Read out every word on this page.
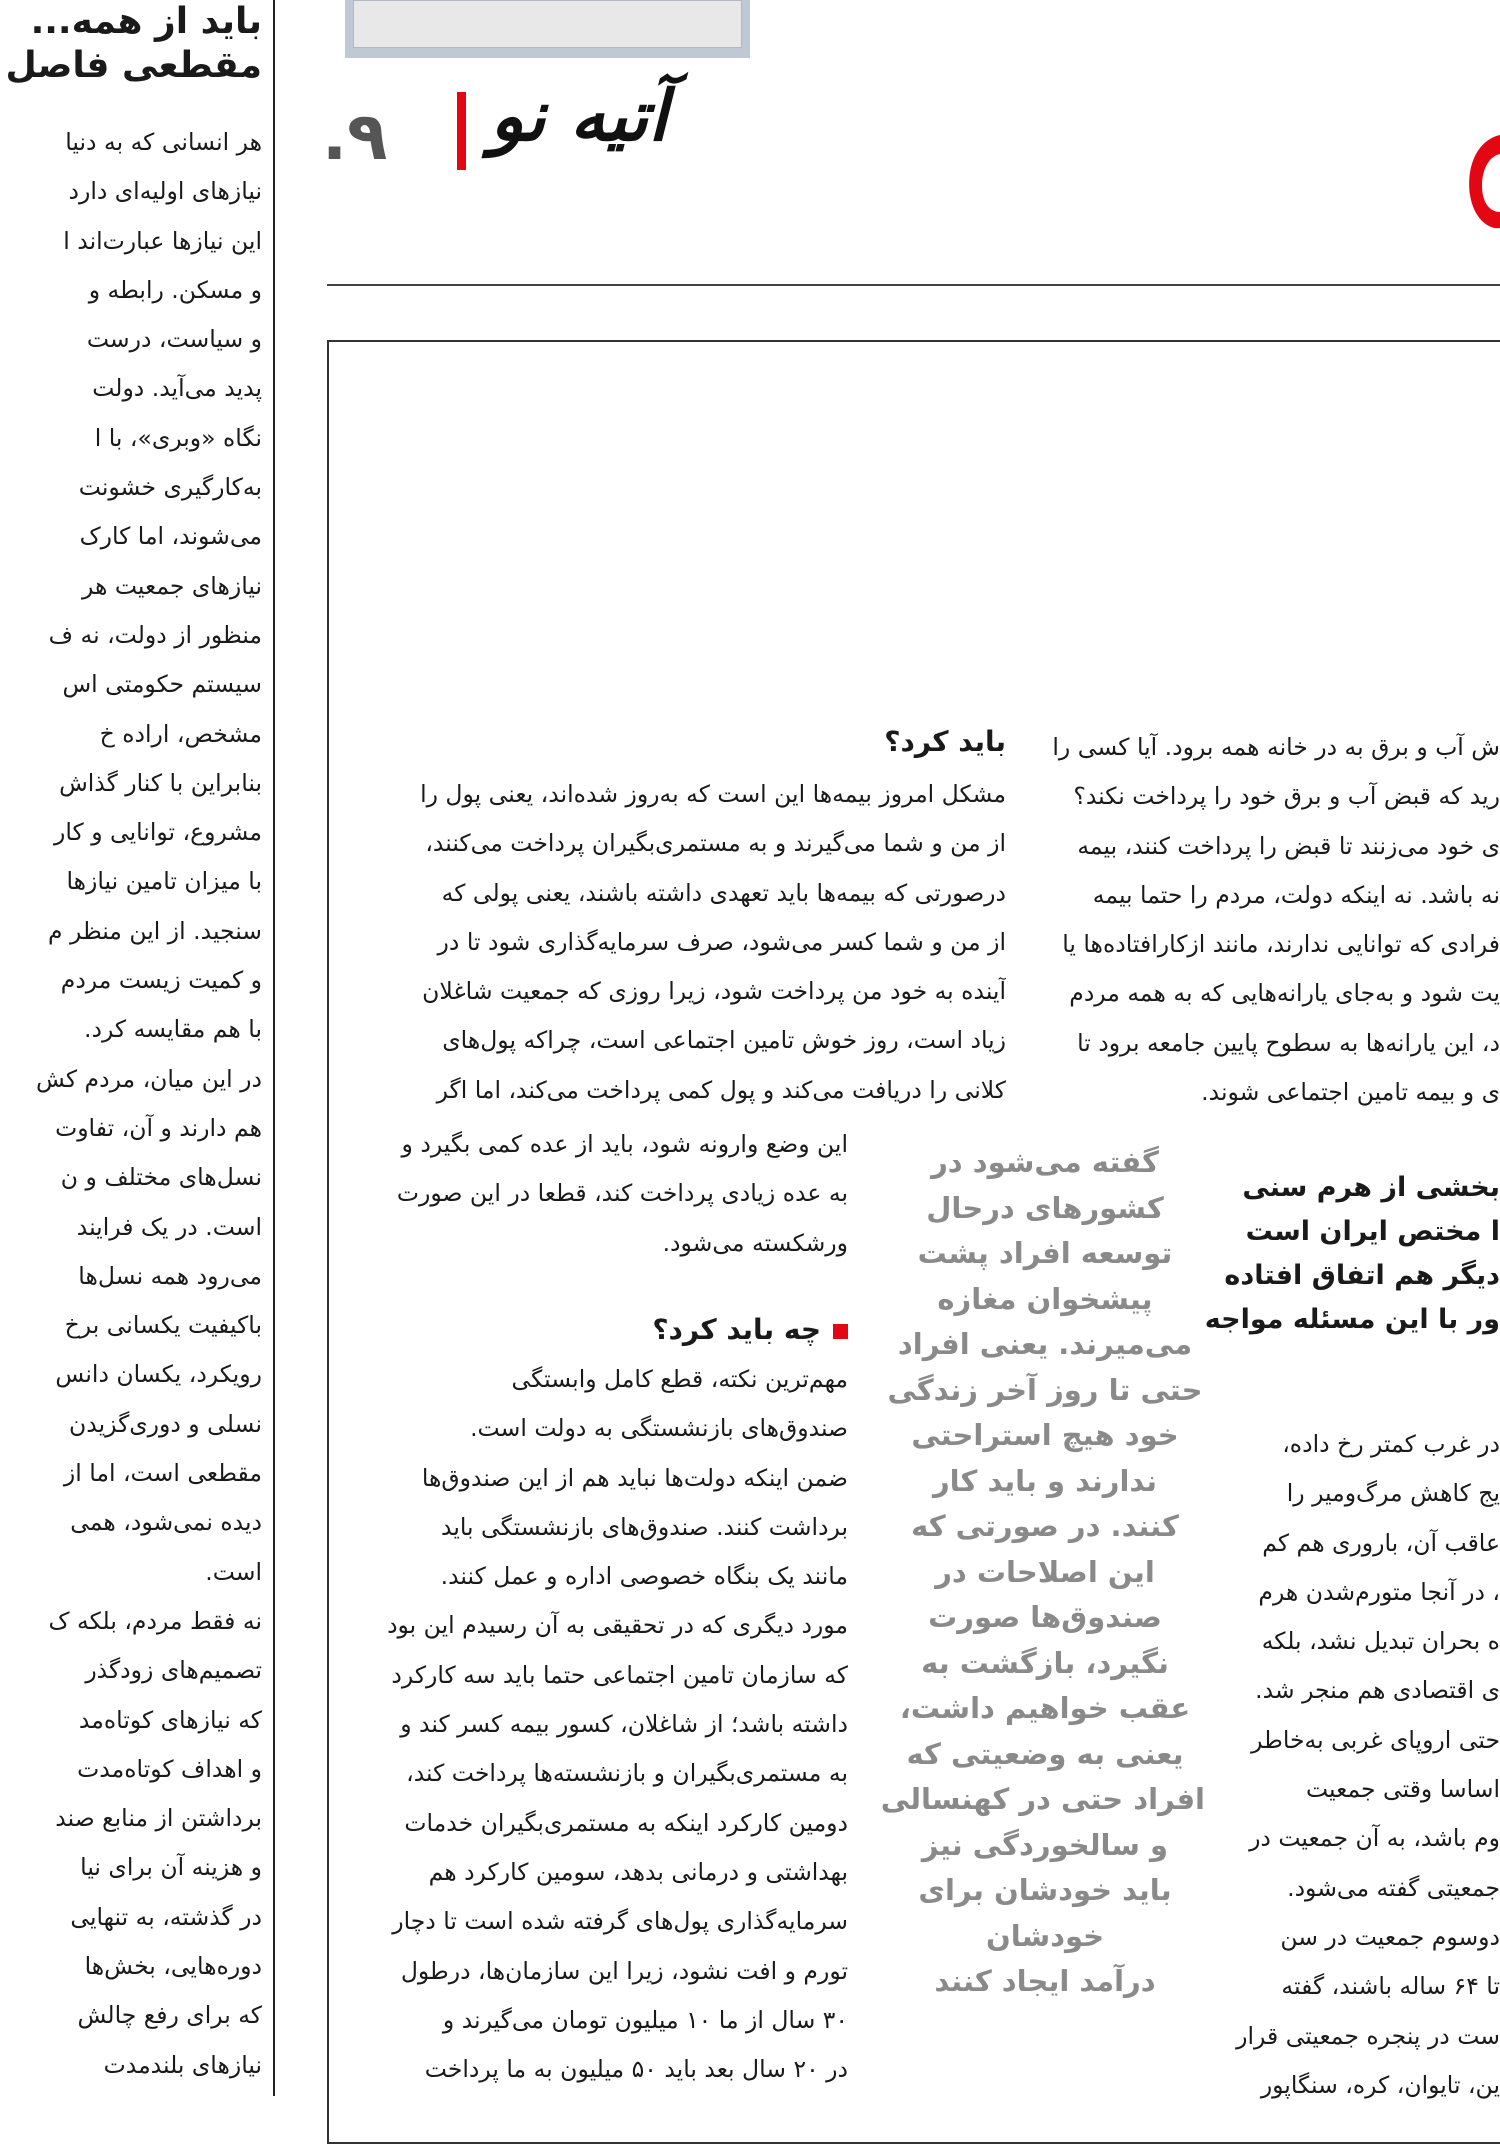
.۹ آتیه نو
باید از همه...
مقطعی فاصل
هر انسانی که به دنیا
نیازهای اولیه‌ای دارد
این نیازها عبارت‌اند ا
و مسکن. رابطه و
و سیاست، درست
پدید می‌آید. دولت
نگاه «وبری»، با ا
به‌کارگیری خشونت
می‌شوند، اما کارک
نیازهای جمعیت هر
منظور از دولت، نه ف
سیستم حکومتی اس
مشخص، اراده خ
بنابراین با کنار گذاش
مشروع، توانایی و کار
با میزان تامین نیازها
سنجید. از این منظر م
و کمیت زیست مردم
با هم مقایسه کرد.
در این میان، مردم کش
هم دارند و آن، تفاوت
نسل‌های مختلف و ن
است. در یک فرایند
می‌رود همه نسل‌ها
باکیفیت یکسانی برخ
رویکرد، یکسان دانس
نسلی و دوری‌گزیدن
مقطعی است، اما از
دیده نمی‌شود، همی
است.
نه فقط مردم، بلکه ک
تصمیم‌های زودگذر
که نیازهای کوتاه‌مد
و اهداف کوتاه‌مدت
برداشتن از منابع صند
و هزینه آن برای نیا
در گذشته، به تنهایی
دوره‌هایی، بخش‌ها
که برای رفع چالش
نیازهای بلندمدت
ش آب و برق به در خانه همه برود. آیا کسی را
رید که قبض آب و برق خود را پرداخت نکند؟
ی خود می‌زنند تا قبض را پرداخت کنند، بیمه
نه باشد. نه اینکه دولت، مردم را حتما بیمه
فرادی که توانایی ندارند، مانند ازکارافتاده‌ها یا
یت شود و به‌جای یارانه‌هایی که به همه مردم
د، این یارانه‌ها به سطوح پایین جامعه برود تا
ی و بیمه تامین اجتماعی شوند.
بخشی از هرم سنی
ا مختص ایران است
دیگر هم اتفاق افتاده
ور با این مسئله مواجه
در غرب کمتر رخ داده،
یج کاهش مرگ‌ومیر را
عاقب آن، باروری هم کم
، در آنجا متورم‌شدن هرم
ه بحران تبدیل نشد، بلکه
ی اقتصادی هم منجر شد.
حتی اروپای غربی به‌خاطر
اساسا وقتی جمعیت
وم باشد، به آن جمعیت در
جمعیتی گفته می‌شود.
دوسوم جمعیت در سن
تا ۶۴ ساله باشند، گفته
ست در پنجره جمعیتی قرار
ین، تایوان، کره، سنگاپور
باید کرد؟
مشکل امروز بیمه‌ها این است که به‌روز شده‌اند، یعنی پول را
از من و شما می‌گیرند و به مستمری‌بگیران پرداخت می‌کنند،
درصورتی که بیمه‌ها باید تعهدی داشته باشند، یعنی پولی که
از من و شما کسر می‌شود، صرف سرمایه‌گذاری شود تا در
آینده به خود من پرداخت شود، زیرا روزی که جمعیت شاغلان
زیاد است، روز خوش تامین اجتماعی است، چراکه پول‌های
کلانی را دریافت می‌کند و پول کمی پرداخت می‌کند، اما اگر
این وضع وارونه شود، باید از عده کمی بگیرد و
به عده زیادی پرداخت کند، قطعا در این صورت
ورشکسته می‌شود.
چه باید کرد؟
مهم‌ترین نکته، قطع کامل وابستگی
صندوق‌های بازنشستگی به دولت است.
ضمن اینکه دولت‌ها نباید هم از این صندوق‌ها
برداشت کنند. صندوق‌های بازنشستگی باید
مانند یک بنگاه خصوصی اداره و عمل کنند.
مورد دیگری که در تحقیقی به آن رسیدم این بود
که سازمان تامین اجتماعی حتما باید سه کارکرد
داشته باشد؛ از شاغلان، کسور بیمه کسر کند و
به مستمری‌بگیران و بازنشسته‌ها پرداخت کند،
دومین کارکرد اینکه به مستمری‌بگیران خدمات
بهداشتی و درمانی بدهد، سومین کارکرد هم
سرمایه‌گذاری پول‌های گرفته شده است تا دچار
تورم و افت نشود، زیرا این سازمان‌ها، درطول
۳۰ سال از ما ۱۰ میلیون تومان می‌گیرند و
در ۲۰ سال بعد باید ۵۰ میلیون به ما پرداخت
گفته می‌شود در
کشورهای درحال
توسعه افراد پشت
پیشخوان مغازه
می‌میرند. یعنی افراد
حتی تا روز آخر زندگی
خود هیچ استراحتی
ندارند و باید کار
کنند. در صورتی که
این اصلاحات در
صندوق‌ها صورت
نگیرد، بازگشت به
عقب خواهیم داشت،
یعنی به وضعیتی که
افراد حتی در کهنسالی
و سالخوردگی نیز
باید خودشان برای
خودشان
درآمد ایجاد کنند
